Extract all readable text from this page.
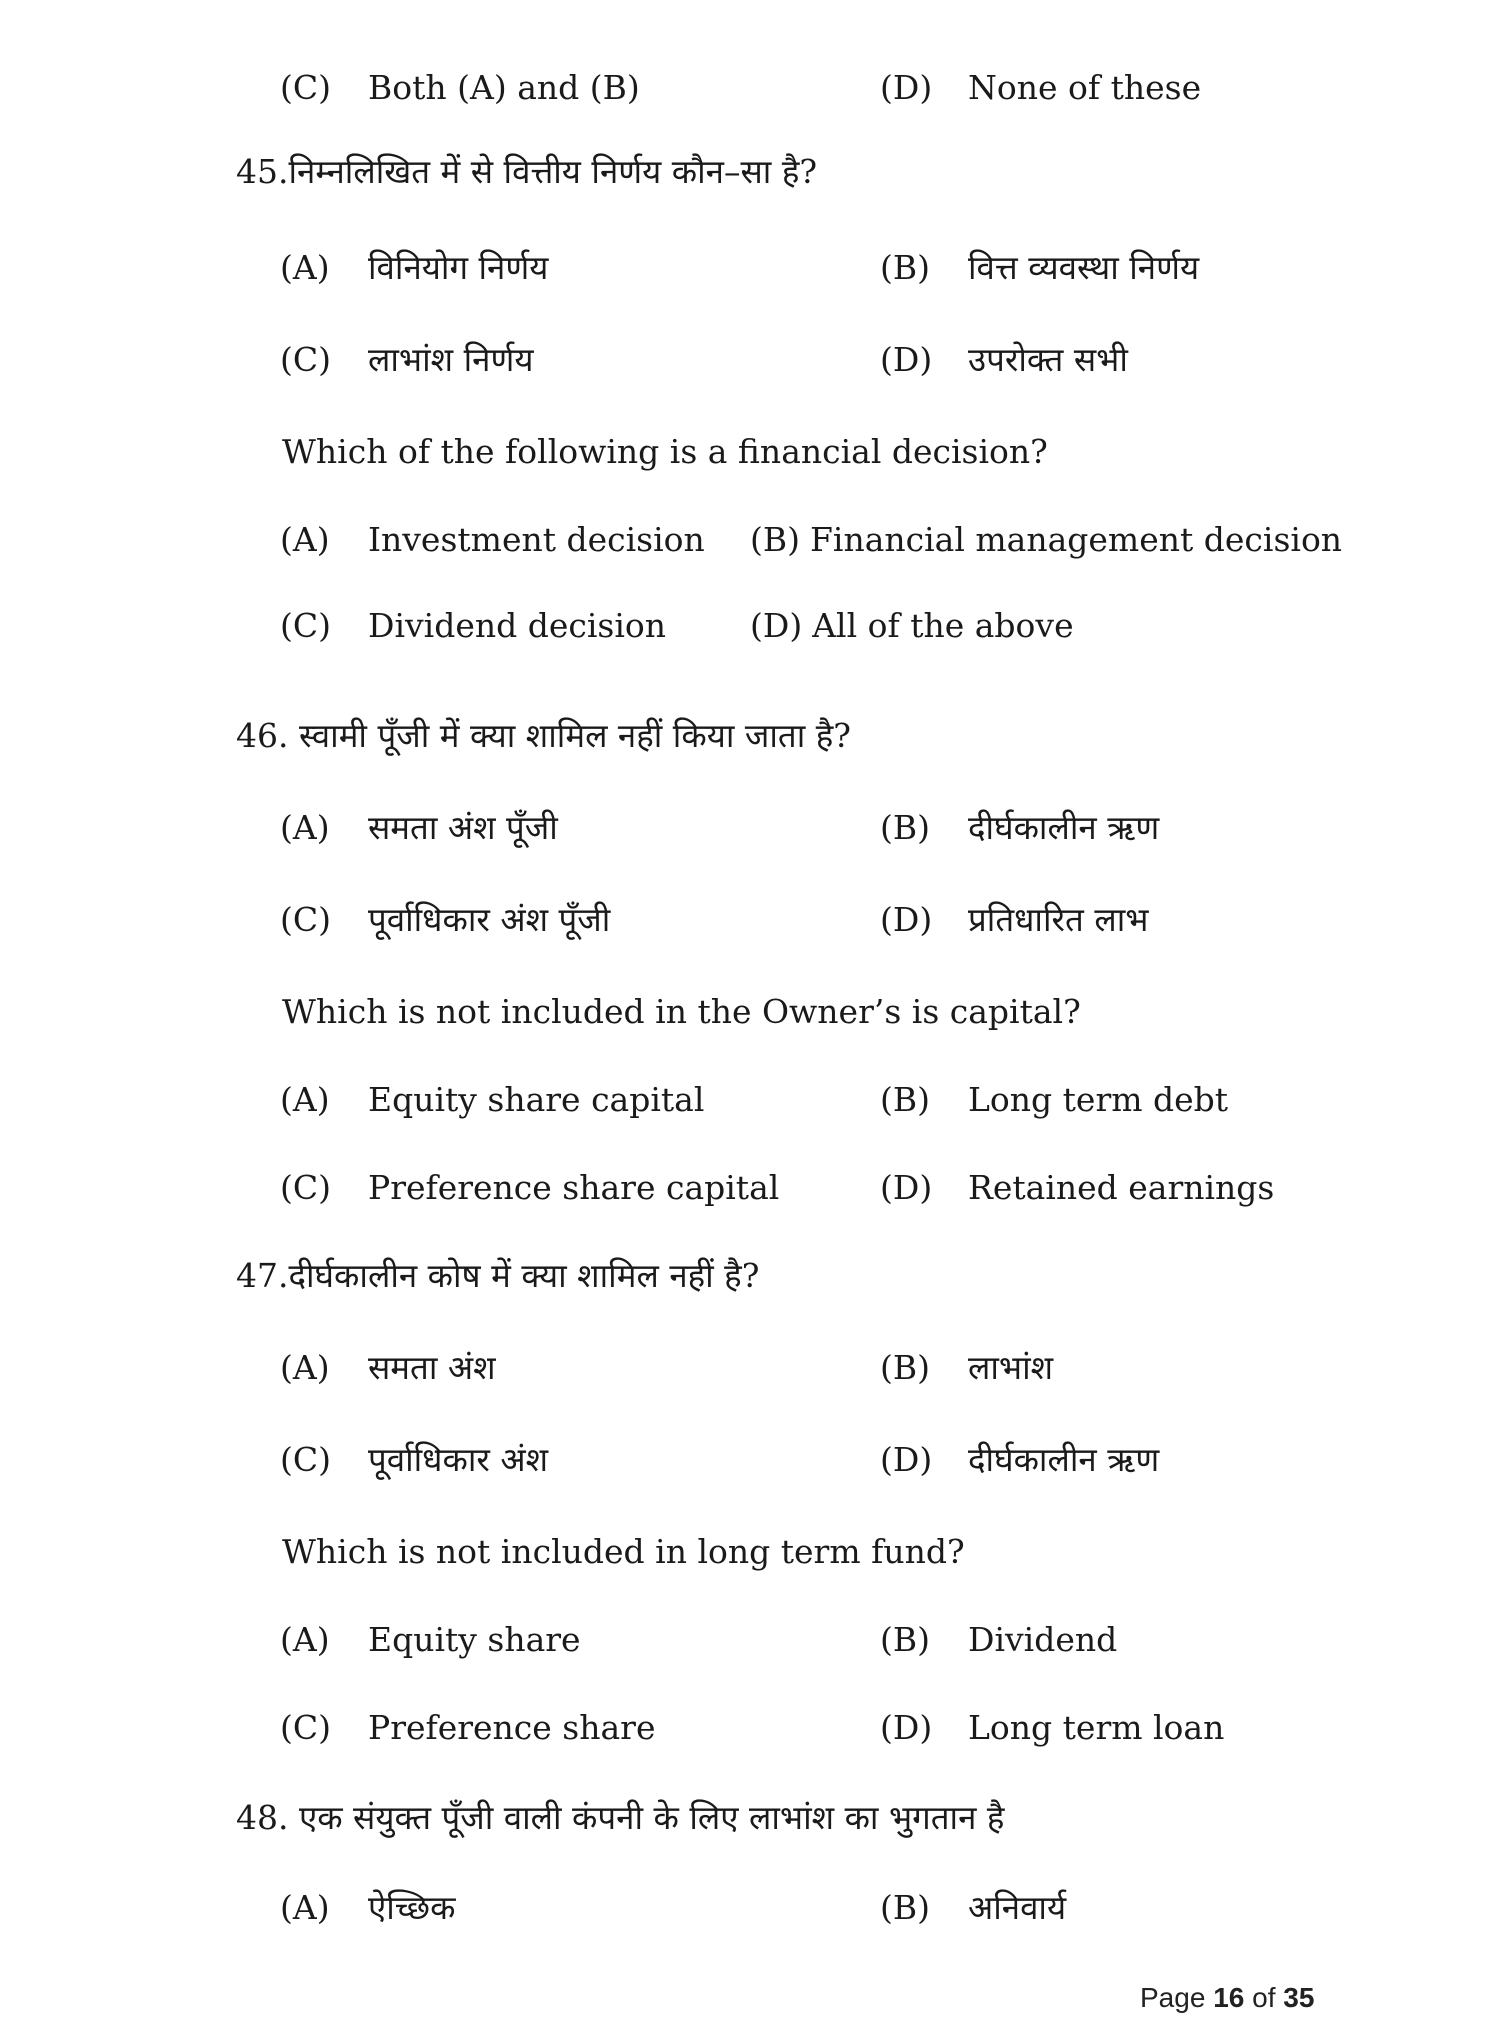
(C) Both (A) and (B)	(D) None of these
45.निम्नलिखित में से वित्तीय निर्णय कौन–सा है?
(A) विनियोग निर्णय	(B) वित्त व्यवस्था निर्णय
(C) लाभांश निर्णय	(D) उपरोक्त सभी
Which of the following is a financial decision?
(A) Investment decision (B) Financial management decision
(C) Dividend decision	(D) All of the above
46. स्वामी पूँजी में क्या शामिल नहीं किया जाता है?
(A) समता अंश पूँजी	(B) दीर्घकालीन ऋण
(C) पूर्वाधिकार अंश पूँजी	(D) प्रतिधारित लाभ
Which is not included in the Owner’s is capital?
(A) Equity share capital	(B) Long term debt
(C) Preference share capital	(D) Retained earnings
47.दीर्घकालीन कोष में क्या शामिल नहीं है?
(A) समता अंश	(B) लाभांश
(C) पूर्वाधिकार अंश	(D) दीर्घकालीन ऋण
Which is not included in long term fund?
(A) Equity share	(B) Dividend
(C) Preference share	(D) Long term loan
48. एक संयुक्त पूँजी वाली कंपनी के लिए लाभांश का भुगतान है
(A) ऐच्छिक	(B) अनिवार्य
Page 16 of 35
